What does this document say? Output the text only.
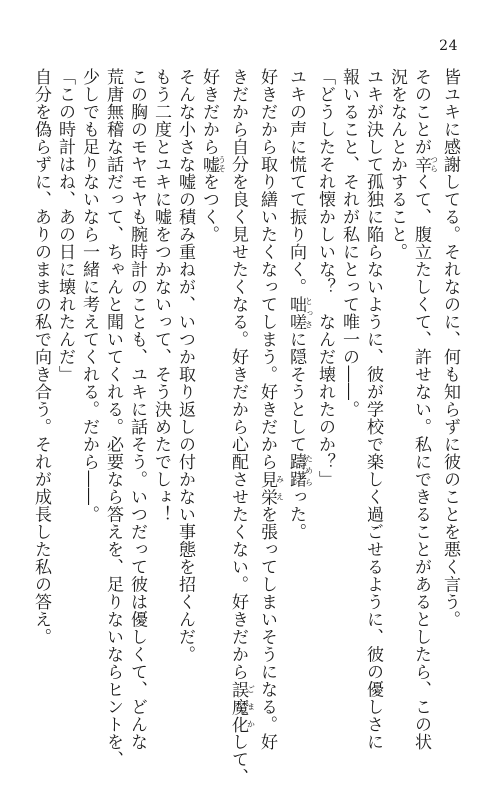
24
皆ユキに感謝してる。それなのに、何も知らずに彼のことを悪く言う。
そのことが辛つらくて、腹立たしくて、許せない。私にできることがあるとしたら、この状
況をなんとかすること。
ユキが決して孤独に陥らないように、彼が学校で楽しく過ごせるように、彼の優しさに
報いること、それが私にとって唯一の――。
「どうしたそれ懐かしいな？　なんだ壊れたのか？」
ユキの声に慌てて振り向く。咄嗟とっさに隠そうとして躊躇ためらった。
好きだから取り繕いたくなってしまう。好きだから見栄みえを張ってしまいそうになる。好
きだから自分を良く見せたくなる。好きだから心配させたくない。好きだから誤魔化ごまかして、
好きだから嘘うそをつく。
そんな小さな嘘の積み重ねが、いつか取り返しの付かない事態を招くんだ。
もう二度とユキに嘘をつかないって、そう決めたでしょ！
この胸のモヤモヤも腕時計のことも、ユキに話そう。いつだって彼は優しくて、どんな
荒唐無稽な話だって、ちゃんと聞いてくれる。必要なら答えを、足りないならヒントを、
少しでも足りないなら一緒に考えてくれる。だから――。
「この時計はね、あの日に壊れたんだ」
自分を偽らずに、ありのままの私で向き合う。それが成長した私の答え。
